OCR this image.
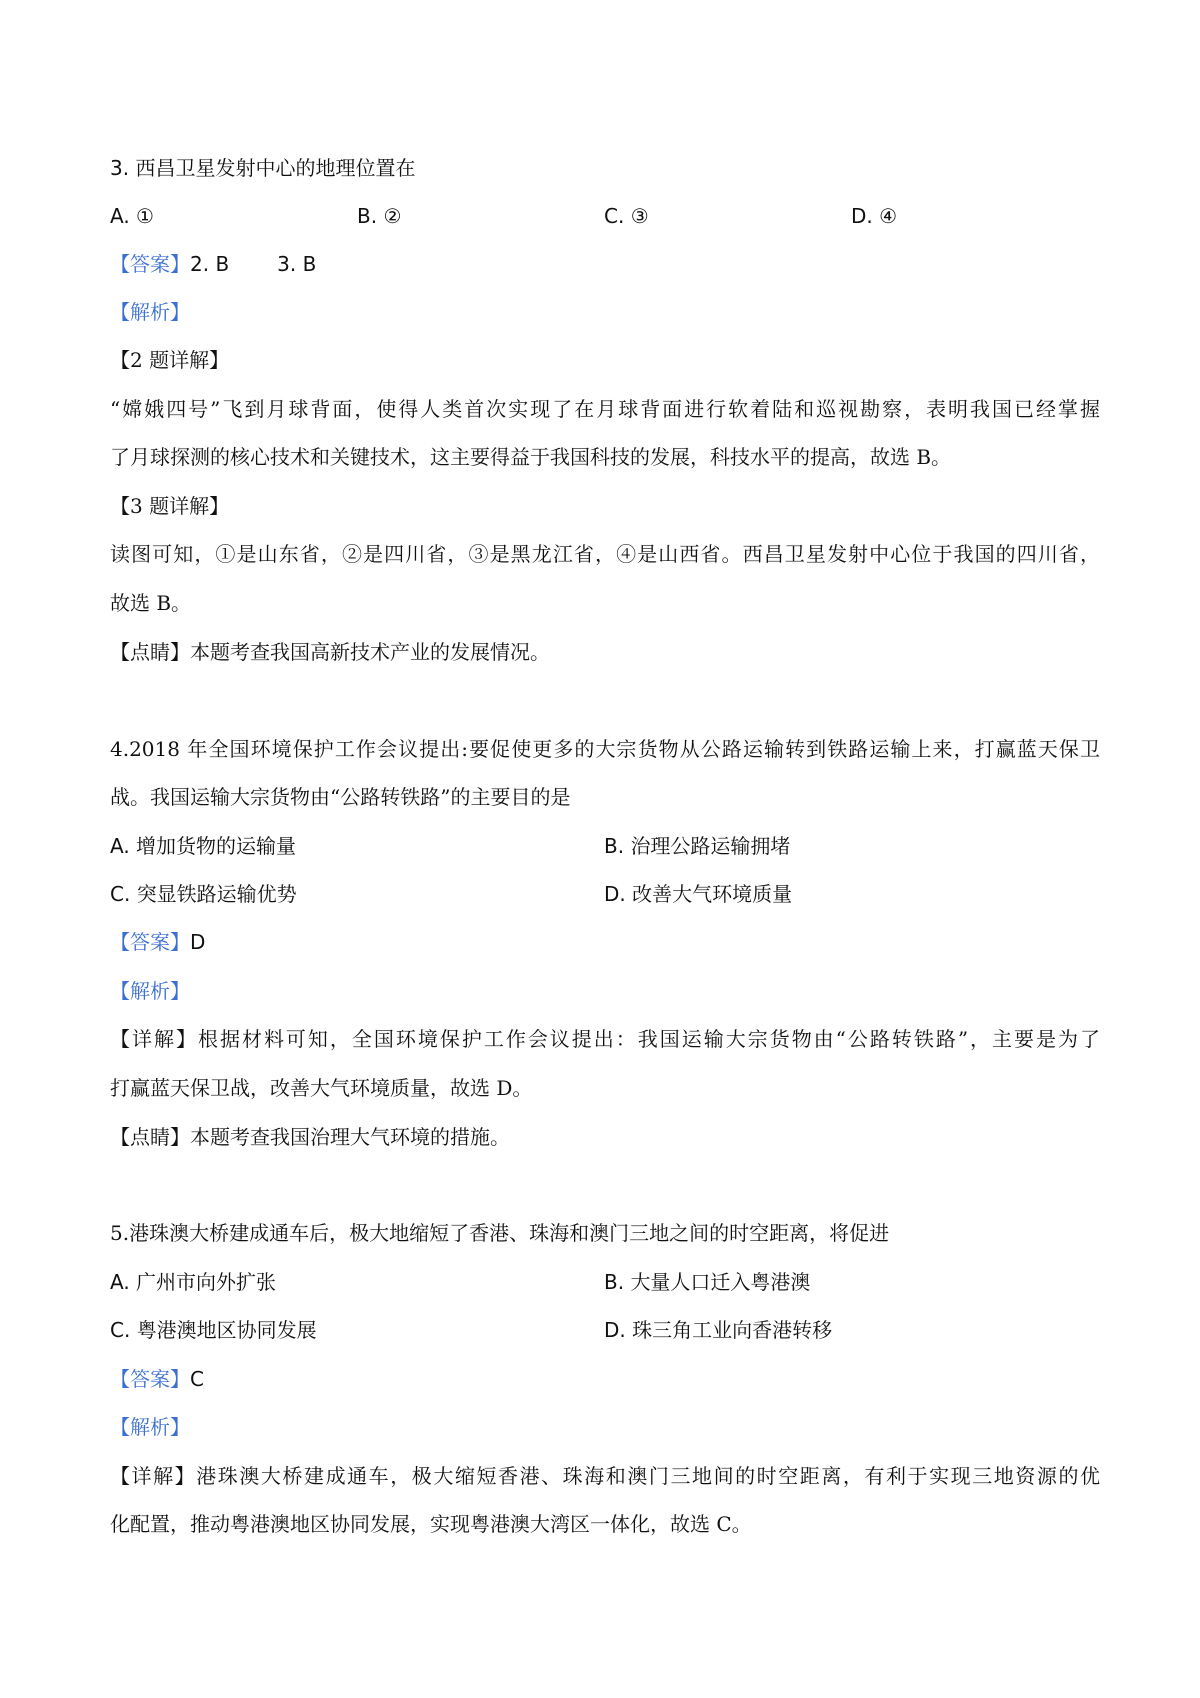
3. 西昌卫星发射中心的地理位置在
A. ①	B. ②	C. ③	D. ④
【答案】2. B 3. B
【解析】
【2 题详解】
“嫦娥四号”飞到月球背面，使得人类首次实现了在月球背面进行软着陆和巡视勘察，表明我国已经掌握
了月球探测的核心技术和关键技术，这主要得益于我国科技的发展，科技水平的提高，故选 B。
【3 题详解】
读图可知，①是山东省，②是四川省，③是黑龙江省，④是山西省。西昌卫星发射中心位于我国的四川省，
故选 B。
【点睛】本题考查我国高新技术产业的发展情况。
4.2018 年全国环境保护工作会议提出:要促使更多的大宗货物从公路运输转到铁路运输上来，打赢蓝天保卫
战。我国运输大宗货物由“公路转铁路”的主要目的是
A. 增加货物的运输量	B. 治理公路运输拥堵
C. 突显铁路运输优势	D. 改善大气环境质量
【答案】D
【解析】
【详解】根据材料可知，全国环境保护工作会议提出：我国运输大宗货物由“公路转铁路”，主要是为了
打赢蓝天保卫战，改善大气环境质量，故选 D。
【点睛】本题考查我国治理大气环境的措施。
5.港珠澳大桥建成通车后，极大地缩短了香港、珠海和澳门三地之间的时空距离，将促进
A. 广州市向外扩张	B. 大量人口迁入粤港澳
C. 粤港澳地区协同发展	D. 珠三角工业向香港转移
【答案】C
【解析】
【详解】港珠澳大桥建成通车，极大缩短香港、珠海和澳门三地间的时空距离，有利于实现三地资源的优
化配置，推动粤港澳地区协同发展，实现粤港澳大湾区一体化，故选 C。
